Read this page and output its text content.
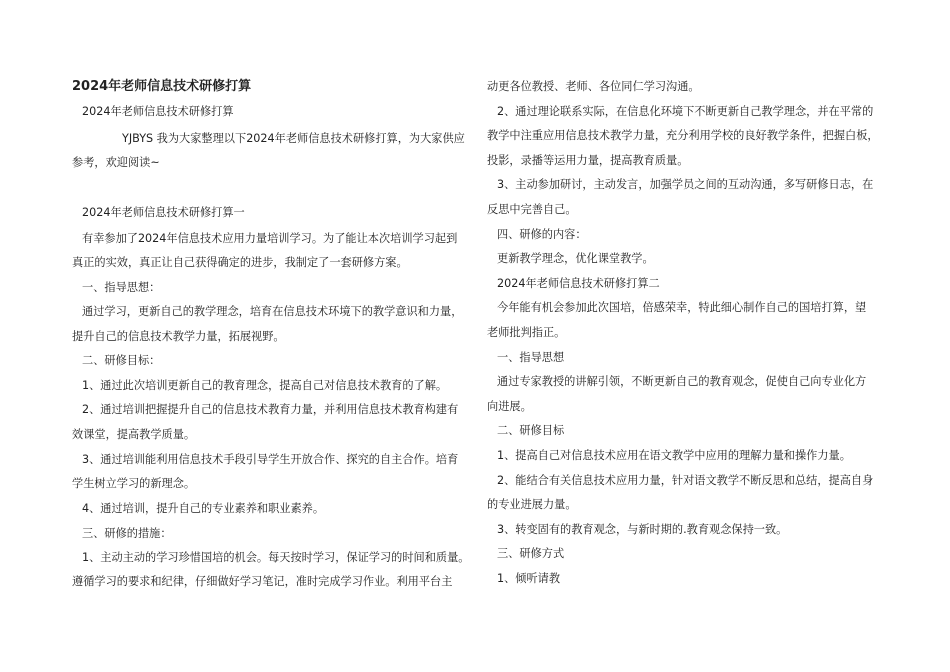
2024年老师信息技术研修打算
2024年老师信息技术研修打算
YJBYS 我为大家整理以下2024年老师信息技术研修打算，为大家供应
参考，欢迎阅读~
2024年老师信息技术研修打算一
有幸参加了2024年信息技术应用力量培训学习。为了能让本次培训学习起到
真正的实效，真正让自己获得确定的进步，我制定了一套研修方案。
一、指导思想：
通过学习，更新自己的教学理念，培育在信息技术环境下的教学意识和力量，
提升自己的信息技术教学力量，拓展视野。
二、研修目标：
1、通过此次培训更新自己的教育理念，提高自己对信息技术教育的了解。
2、通过培训把握提升自己的信息技术教育力量，并利用信息技术教育构建有
效课堂，提高教学质量。
3、通过培训能利用信息技术手段引导学生开放合作、探究的自主合作。培育
学生树立学习的新理念。
4、通过培训，提升自己的专业素养和职业素养。
三、研修的措施：
1、主动主动的学习珍惜国培的机会。每天按时学习，保证学习的时间和质量。
遵循学习的要求和纪律，仔细做好学习笔记，准时完成学习作业。利用平台主
动更各位教授、老师、各位同仁学习沟通。
2、通过理论联系实际，在信息化环境下不断更新自己教学理念，并在平常的
教学中注重应用信息技术教学力量，充分利用学校的良好教学条件，把握白板，
投影，录播等运用力量，提高教育质量。
3、主动参加研讨，主动发言，加强学员之间的互动沟通，多写研修日志，在
反思中完善自己。
四、研修的内容：
更新教学理念，优化课堂教学。
2024年老师信息技术研修打算二
今年能有机会参加此次国培，倍感荣幸，特此细心制作自己的国培打算，望
老师批判指正。
一、指导思想
通过专家教授的讲解引领，不断更新自己的教育观念，促使自己向专业化方
向进展。
二、研修目标
1、提高自己对信息技术应用在语文教学中应用的理解力量和操作力量。
2、能结合有关信息技术应用力量，针对语文教学不断反思和总结，提高自身
的专业进展力量。
3、转变固有的教育观念，与新时期的.教育观念保持一致。
三、研修方式
1、倾听请教
